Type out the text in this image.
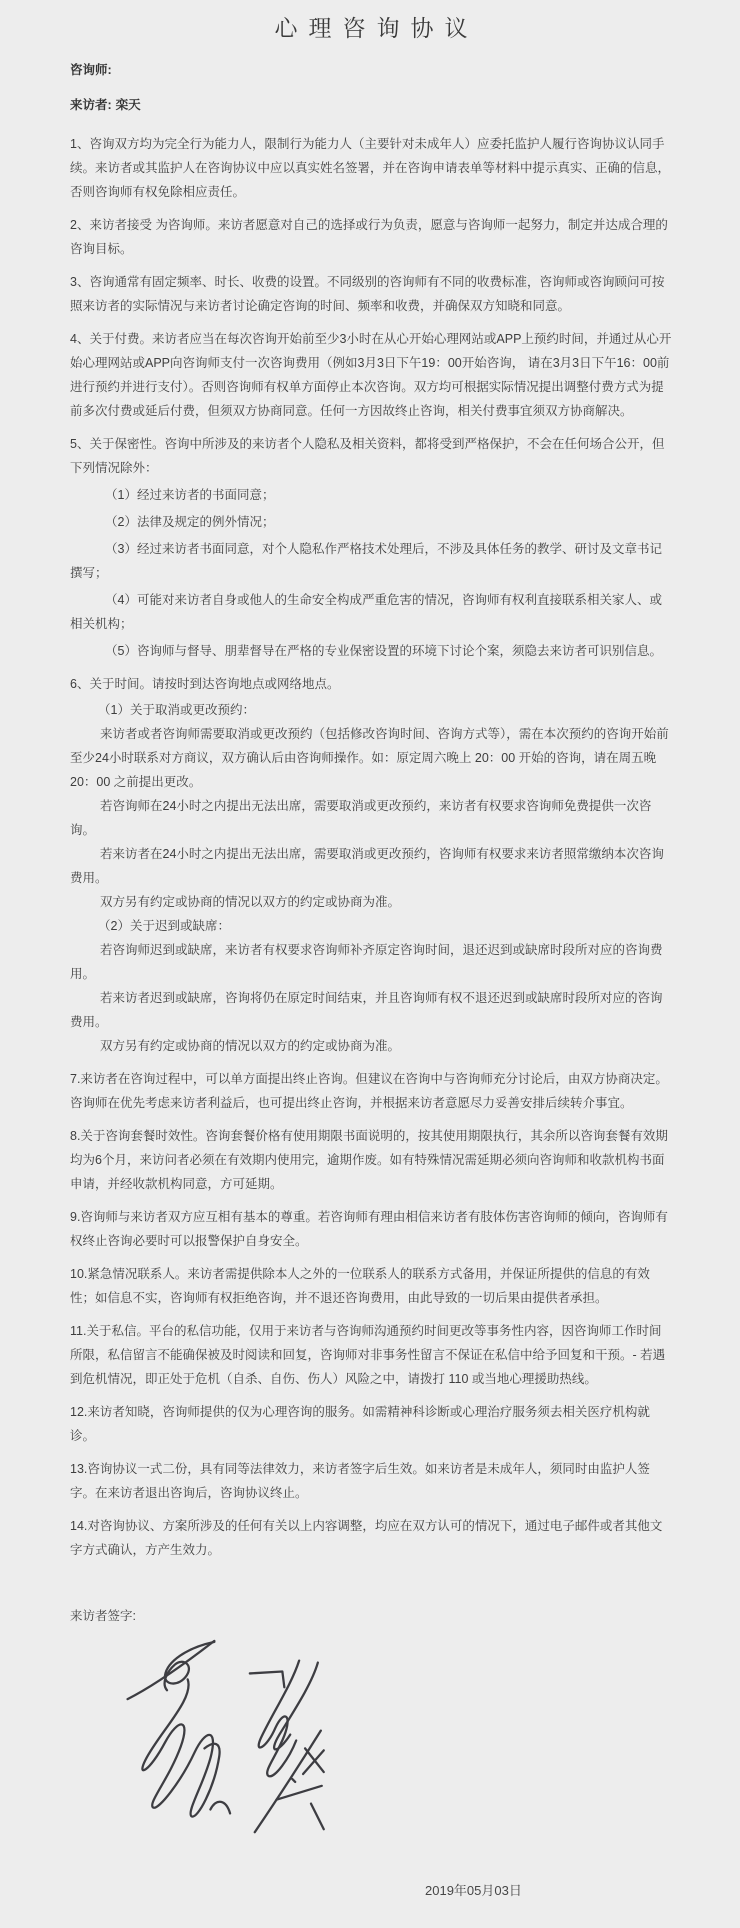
心理咨询协议

咨询师:

来访者: 栾天

1、咨询双方均为完全行为能力人，限制行为能力人（主要针对未成年人）应委托监护人履行咨询协议认同手续。来访者或其监护人在咨询协议中应以真实姓名签署，并在咨询申请表单等材料中提示真实、正确的信息，否则咨询师有权免除相应责任。

2、来访者接受 为咨询师。来访者愿意对自己的选择或行为负责，愿意与咨询师一起努力，制定并达成合理的咨询目标。

3、咨询通常有固定频率、时长、收费的设置。不同级别的咨询师有不同的收费标准，咨询师或咨询顾问可按照来访者的实际情况与来访者讨论确定咨询的时间、频率和收费，并确保双方知晓和同意。

4、关于付费。来访者应当在每次咨询开始前至少3小时在从心开始心理网站或APP上预约时间，并通过从心开始心理网站或APP向咨询师支付一次咨询费用（例如3月3日下午19：00开始咨询， 请在3月3日下午16：00前进行预约并进行支付）。否则咨询师有权单方面停止本次咨询。双方均可根据实际情况提出调整付费方式为提前多次付费或延后付费，但须双方协商同意。任何一方因故终止咨询，相关付费事宜须双方协商解决。

5、关于保密性。咨询中所涉及的来访者个人隐私及相关资料，都将受到严格保护，不会在任何场合公开，但下列情况除外：

（1）经过来访者的书面同意；

（2）法律及规定的例外情况；

（3）经过来访者书面同意，对个人隐私作严格技术处理后，不涉及具体任务的教学、研讨及文章书记撰写；

（4）可能对来访者自身或他人的生命安全构成严重危害的情况，咨询师有权利直接联系相关家人、或相关机构；

（5）咨询师与督导、朋辈督导在严格的专业保密设置的环境下讨论个案，须隐去来访者可识别信息。

6、关于时间。请按时到达咨询地点或网络地点。

（1）关于取消或更改预约：

来访者或者咨询师需要取消或更改预约（包括修改咨询时间、咨询方式等），需在本次预约的咨询开始前至少24小时联系对方商议，双方确认后由咨询师操作。如：原定周六晚上 20：00 开始的咨询，请在周五晚 20：00 之前提出更改。

若咨询师在24小时之内提出无法出席，需要取消或更改预约，来访者有权要求咨询师免费提供一次咨询。

若来访者在24小时之内提出无法出席，需要取消或更改预约，咨询师有权要求来访者照常缴纳本次咨询费用。

双方另有约定或协商的情况以双方的约定或协商为准。

（2）关于迟到或缺席：

若咨询师迟到或缺席，来访者有权要求咨询师补齐原定咨询时间，退还迟到或缺席时段所对应的咨询费用。

若来访者迟到或缺席，咨询将仍在原定时间结束，并且咨询师有权不退还迟到或缺席时段所对应的咨询费用。

双方另有约定或协商的情况以双方的约定或协商为准。

7.来访者在咨询过程中，可以单方面提出终止咨询。但建议在咨询中与咨询师充分讨论后，由双方协商决定。咨询师在优先考虑来访者利益后，也可提出终止咨询，并根据来访者意愿尽力妥善安排后续转介事宜。

8.关于咨询套餐时效性。咨询套餐价格有使用期限书面说明的，按其使用期限执行，其余所以咨询套餐有效期均为6个月，来访问者必须在有效期内使用完，逾期作废。如有特殊情况需延期必须向咨询师和收款机构书面申请，并经收款机构同意，方可延期。

9.咨询师与来访者双方应互相有基本的尊重。若咨询师有理由相信来访者有肢体伤害咨询师的倾向，咨询师有权终止咨询必要时可以报警保护自身安全。

10.紧急情况联系人。来访者需提供除本人之外的一位联系人的联系方式备用，并保证所提供的信息的有效性；如信息不实，咨询师有权拒绝咨询，并不退还咨询费用，由此导致的一切后果由提供者承担。

11.关于私信。平台的私信功能，仅用于来访者与咨询师沟通预约时间更改等事务性内容，因咨询师工作时间所限，私信留言不能确保被及时阅读和回复，咨询师对非事务性留言不保证在私信中给予回复和干预。- 若遇到危机情况，即正处于危机（自杀、自伤、伤人）风险之中，请拨打 110 或当地心理援助热线。

12.来访者知晓，咨询师提供的仅为心理咨询的服务。如需精神科诊断或心理治疗服务须去相关医疗机构就诊。

13.咨询协议一式二份，具有同等法律效力，来访者签字后生效。如来访者是未成年人，须同时由监护人签字。在来访者退出咨询后，咨询协议终止。

14.对咨询协议、方案所涉及的任何有关以上内容调整，均应在双方认可的情况下，通过电子邮件或者其他文字方式确认，方产生效力。

来访者签字:

2019年05月03日
